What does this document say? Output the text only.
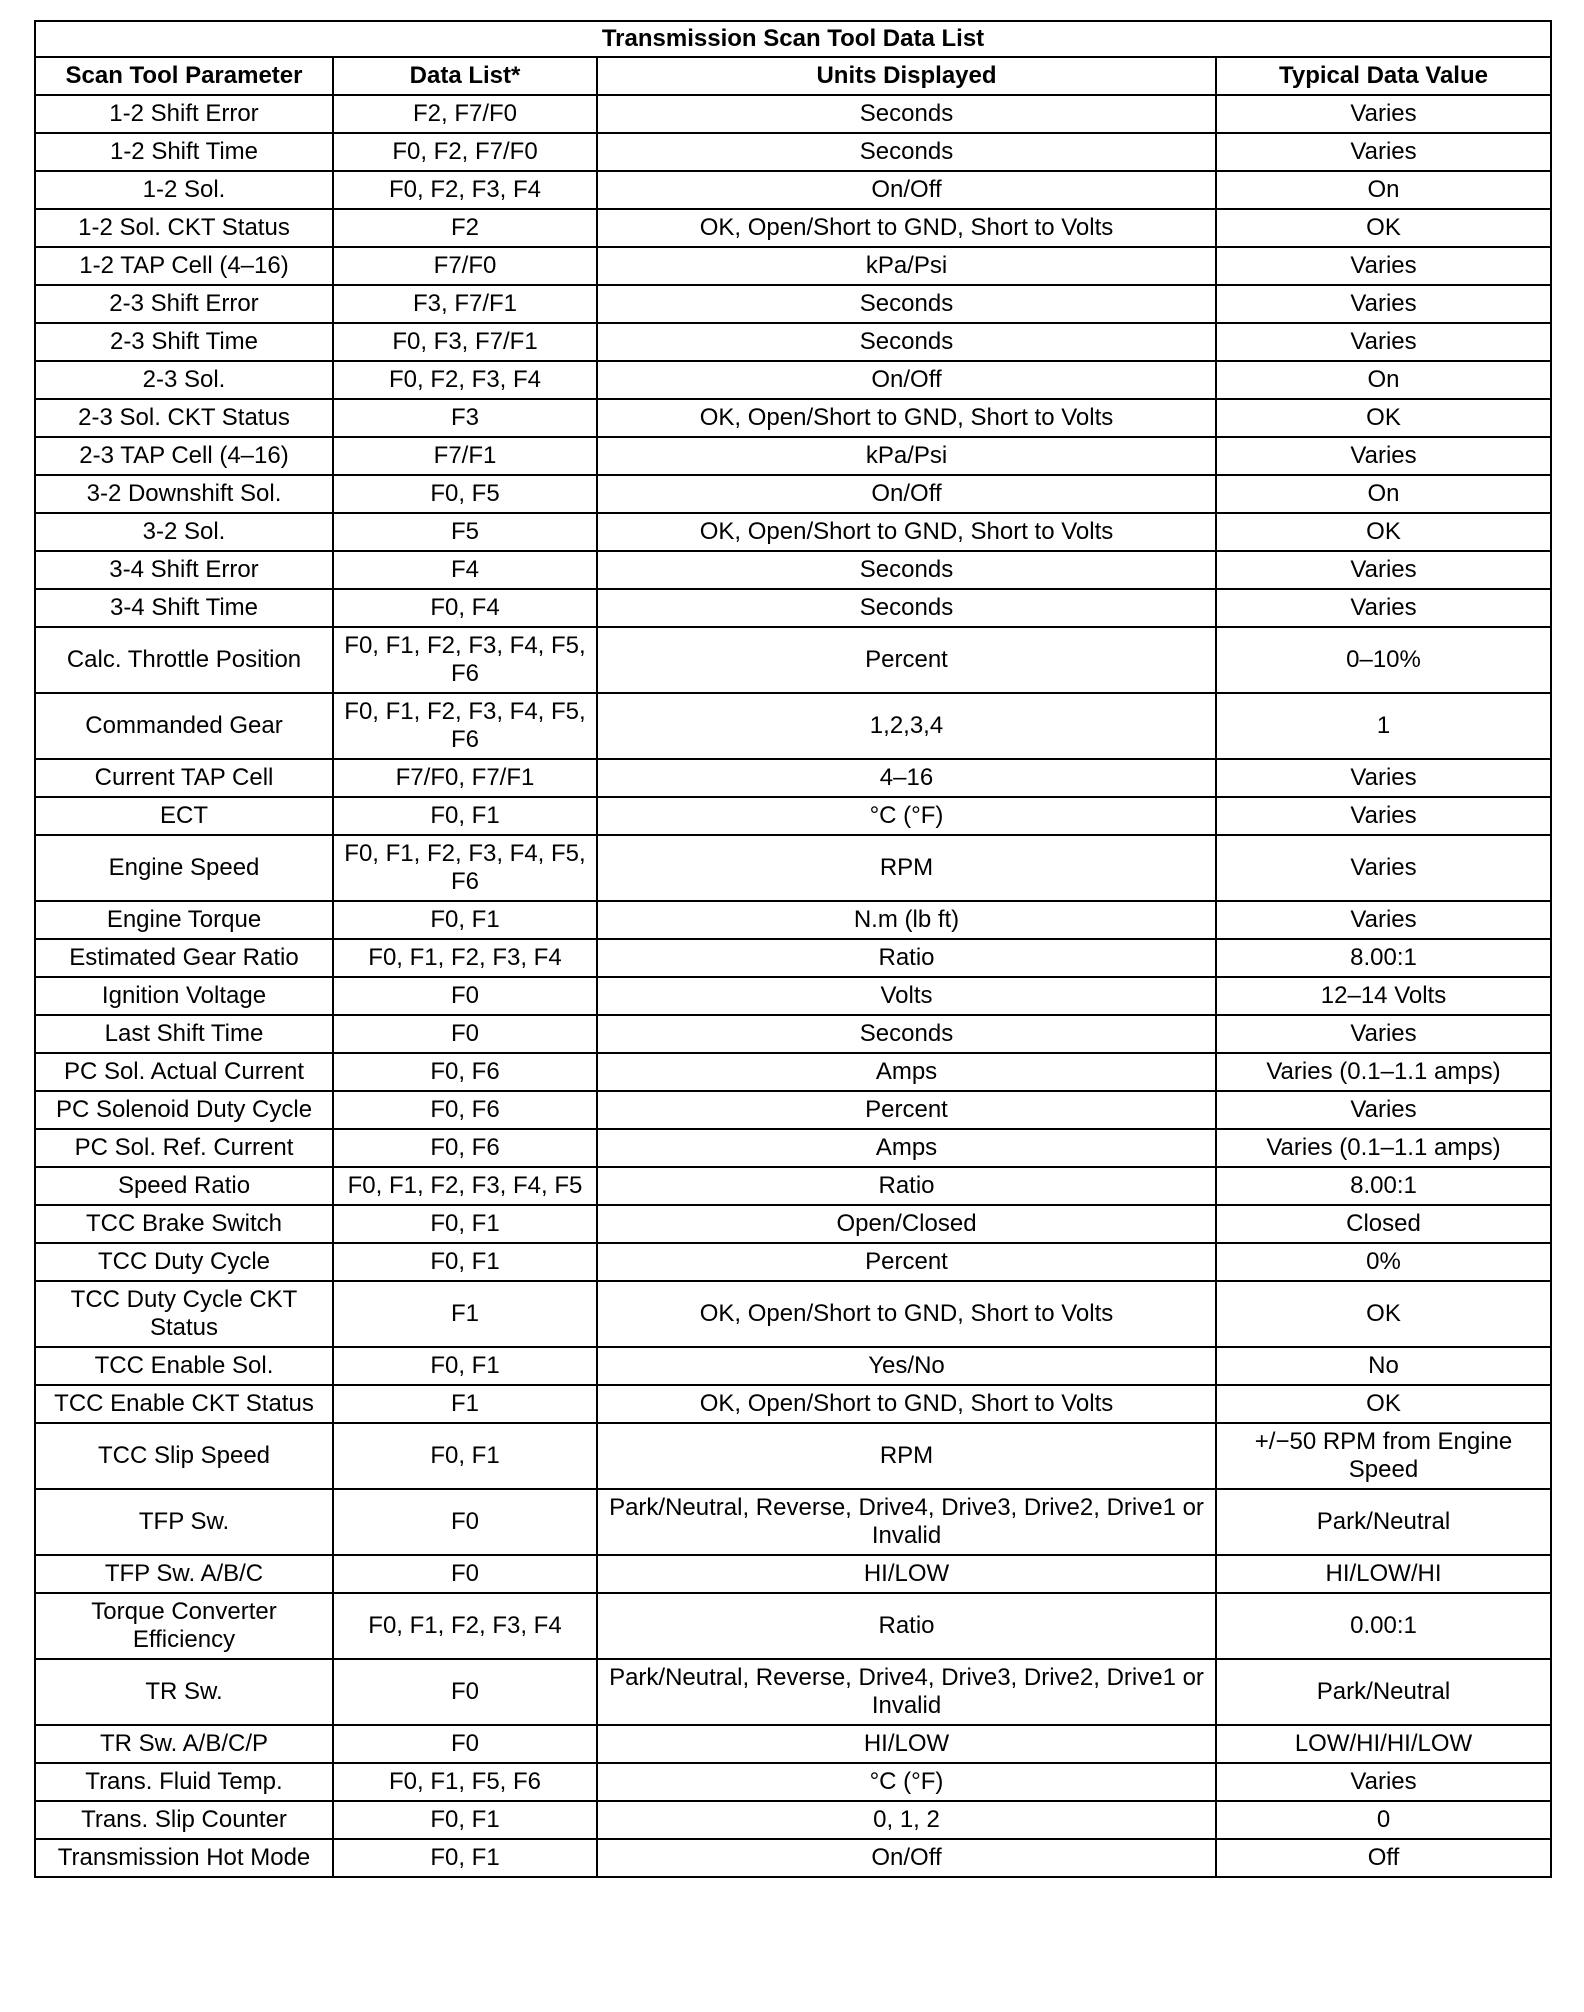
Transmission Scan Tool Data List			
Scan Tool Parameter	Data List*	Units Displayed	Typical Data Value
1-2 Shift Error	F2, F7/F0	Seconds	Varies
1-2 Shift Time	F0, F2, F7/F0	Seconds	Varies
1-2 Sol.	F0, F2, F3, F4	On/Off	On
1-2 Sol. CKT Status	F2	OK, Open/Short to GND, Short to Volts	OK
1-2 TAP Cell (4–16)	F7/F0	kPa/Psi	Varies
2-3 Shift Error	F3, F7/F1	Seconds	Varies
2-3 Shift Time	F0, F3, F7/F1	Seconds	Varies
2-3 Sol.	F0, F2, F3, F4	On/Off	On
2-3 Sol. CKT Status	F3	OK, Open/Short to GND, Short to Volts	OK
2-3 TAP Cell (4–16)	F7/F1	kPa/Psi	Varies
3-2 Downshift Sol.	F0, F5	On/Off	On
3-2 Sol.	F5	OK, Open/Short to GND, Short to Volts	OK
3-4 Shift Error	F4	Seconds	Varies
3-4 Shift Time	F0, F4	Seconds	Varies
Calc. Throttle Position	F0, F1, F2, F3, F4, F5, F6	Percent	0–10%
Commanded Gear	F0, F1, F2, F3, F4, F5, F6	1,2,3,4	1
Current TAP Cell	F7/F0, F7/F1	4–16	Varies
ECT	F0, F1	°C (°F)	Varies
Engine Speed	F0, F1, F2, F3, F4, F5, F6	RPM	Varies
Engine Torque	F0, F1	N.m (lb ft)	Varies
Estimated Gear Ratio	F0, F1, F2, F3, F4	Ratio	8.00:1
Ignition Voltage	F0	Volts	12–14 Volts
Last Shift Time	F0	Seconds	Varies
PC Sol. Actual Current	F0, F6	Amps	Varies (0.1–1.1 amps)
PC Solenoid Duty Cycle	F0, F6	Percent	Varies
PC Sol. Ref. Current	F0, F6	Amps	Varies (0.1–1.1 amps)
Speed Ratio	F0, F1, F2, F3, F4, F5	Ratio	8.00:1
TCC Brake Switch	F0, F1	Open/Closed	Closed
TCC Duty Cycle	F0, F1	Percent	0%
TCC Duty Cycle CKT Status	F1	OK, Open/Short to GND, Short to Volts	OK
TCC Enable Sol.	F0, F1	Yes/No	No
TCC Enable CKT Status	F1	OK, Open/Short to GND, Short to Volts	OK
TCC Slip Speed	F0, F1	RPM	+/−50 RPM from Engine Speed
TFP Sw.	F0	Park/Neutral, Reverse, Drive4, Drive3, Drive2, Drive1 or Invalid	Park/Neutral
TFP Sw. A/B/C	F0	HI/LOW	HI/LOW/HI
Torque Converter Efficiency	F0, F1, F2, F3, F4	Ratio	0.00:1
TR Sw.	F0	Park/Neutral, Reverse, Drive4, Drive3, Drive2, Drive1 or Invalid	Park/Neutral
TR Sw. A/B/C/P	F0	HI/LOW	LOW/HI/HI/LOW
Trans. Fluid Temp.	F0, F1, F5, F6	°C (°F)	Varies
Trans. Slip Counter	F0, F1	0, 1, 2	0
Transmission Hot Mode	F0, F1	On/Off	Off
